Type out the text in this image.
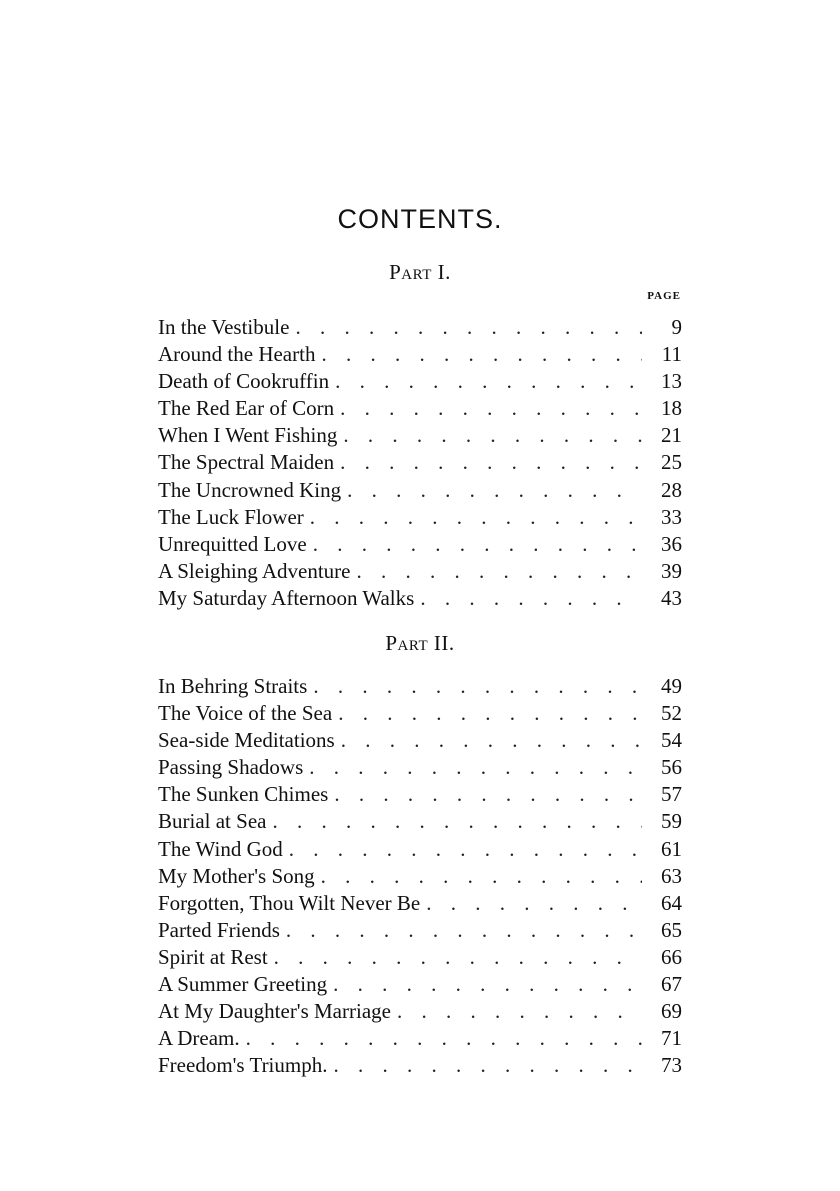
CONTENTS.
Part I.
PAGE
In the Vestibule . . .	9
Around the Hearth . . .	11
Death of Cookruffin . . .	13
The Red Ear of Corn . . .	18
When I Went Fishing . . .	21
The Spectral Maiden . . .	25
The Uncrowned King . . .	28
The Luck Flower . . .	33
Unrequitted Love . . .	36
A Sleighing Adventure . . .	39
My Saturday Afternoon Walks . . .	43
Part II.
In Behring Straits . . .	49
The Voice of the Sea . . .	52
Sea-side Meditations . . .	54
Passing Shadows . . .	56
The Sunken Chimes . . .	57
Burial at Sea . . .	59
The Wind God . . .	61
My Mother's Song . . .	63
Forgotten, Thou Wilt Never Be . . .	64
Parted Friends . . .	65
Spirit at Rest . . .	66
A Summer Greeting . . .	67
At My Daughter's Marriage . . .	69
A Dream. . . .	71
Freedom's Triumph. . . .	73
